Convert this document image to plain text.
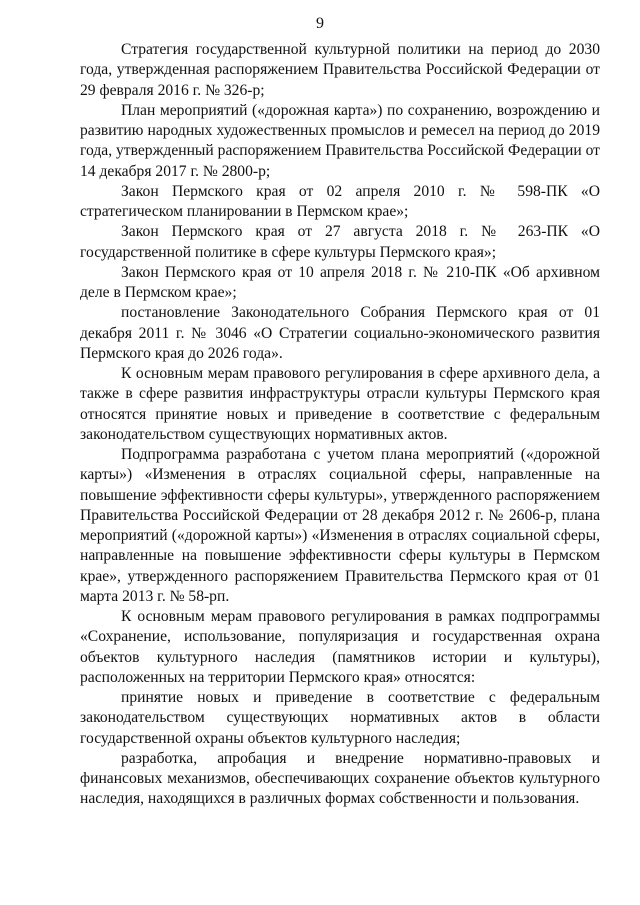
9

Стратегия государственной культурной политики на период до 2030 года, утвержденная распоряжением Правительства Российской Федерации от 29 февраля 2016 г. № 326-р;

План мероприятий («дорожная карта») по сохранению, возрождению и развитию народных художественных промыслов и ремесел на период до 2019 года, утвержденный распоряжением Правительства Российской Федерации от 14 декабря 2017 г. № 2800-р;

Закон Пермского края от 02 апреля 2010 г. № 598-ПК «О стратегическом планировании в Пермском крае»;

Закон Пермского края от 27 августа 2018 г. № 263-ПК «О государственной политике в сфере культуры Пермского края»;

Закон Пермского края от 10 апреля 2018 г. № 210-ПК «Об архивном деле в Пермском крае»;

постановление Законодательного Собрания Пермского края от 01 декабря 2011 г. № 3046 «О Стратегии социально-экономического развития Пермского края до 2026 года».

К основным мерам правового регулирования в сфере архивного дела, а также в сфере развития инфраструктуры отрасли культуры Пермского края относятся принятие новых и приведение в соответствие с федеральным законодательством существующих нормативных актов.

Подпрограмма разработана с учетом плана мероприятий («дорожной карты») «Изменения в отраслях социальной сферы, направленные на повышение эффективности сферы культуры», утвержденного распоряжением Правительства Российской Федерации от 28 декабря 2012 г. № 2606-р, плана мероприятий («дорожной карты») «Изменения в отраслях социальной сферы, направленные на повышение эффективности сферы культуры в Пермском крае», утвержденного распоряжением Правительства Пермского края от 01 марта 2013 г. № 58-рп.

К основным мерам правового регулирования в рамках подпрограммы «Сохранение, использование, популяризация и государственная охрана объектов культурного наследия (памятников истории и культуры), расположенных на территории Пермского края» относятся:

принятие новых и приведение в соответствие с федеральным законодательством существующих нормативных актов в области государственной охраны объектов культурного наследия;

разработка, апробация и внедрение нормативно-правовых и финансовых механизмов, обеспечивающих сохранение объектов культурного наследия, находящихся в различных формах собственности и пользования.
